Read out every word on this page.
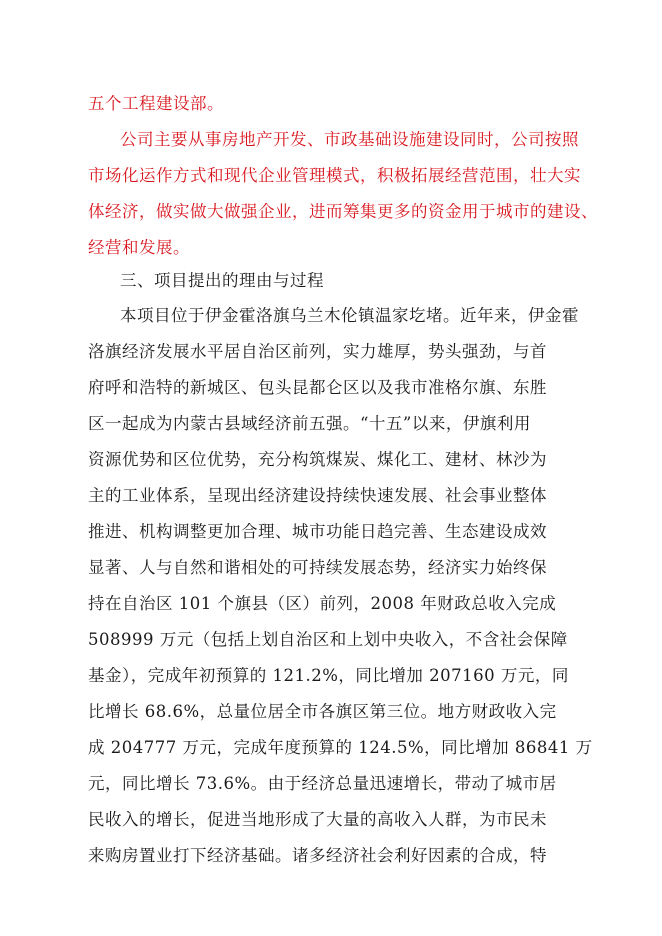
五个工程建设部。
公司主要从事房地产开发、市政基础设施建设同时，公司按照
市场化运作方式和现代企业管理模式，积极拓展经营范围，壮大实
体经济，做实做大做强企业，进而筹集更多的资金用于城市的建设、
经营和发展。
三、项目提出的理由与过程
本项目位于伊金霍洛旗乌兰木伦镇温家圪堵。近年来，伊金霍
洛旗经济发展水平居自治区前列，实力雄厚，势头强劲，与首
府呼和浩特的新城区、包头昆都仑区以及我市准格尔旗、东胜
区一起成为内蒙古县域经济前五强。“十五”以来，伊旗利用
资源优势和区位优势，充分构筑煤炭、煤化工、建材、林沙为
主的工业体系，呈现出经济建设持续快速发展、社会事业整体
推进、机构调整更加合理、城市功能日趋完善、生态建设成效
显著、人与自然和谐相处的可持续发展态势，经济实力始终保
持在自治区 101 个旗县（区）前列，2008 年财政总收入完成
508999 万元（包括上划自治区和上划中央收入，不含社会保障
基金），完成年初预算的 121.2%，同比增加 207160 万元，同
比增长 68.6%，总量位居全市各旗区第三位。地方财政收入完
成 204777 万元，完成年度预算的 124.5%，同比增加 86841 万
元，同比增长 73.6%。由于经济总量迅速增长，带动了城市居
民收入的增长，促进当地形成了大量的高收入人群，为市民未
来购房置业打下经济基础。诸多经济社会利好因素的合成，特
